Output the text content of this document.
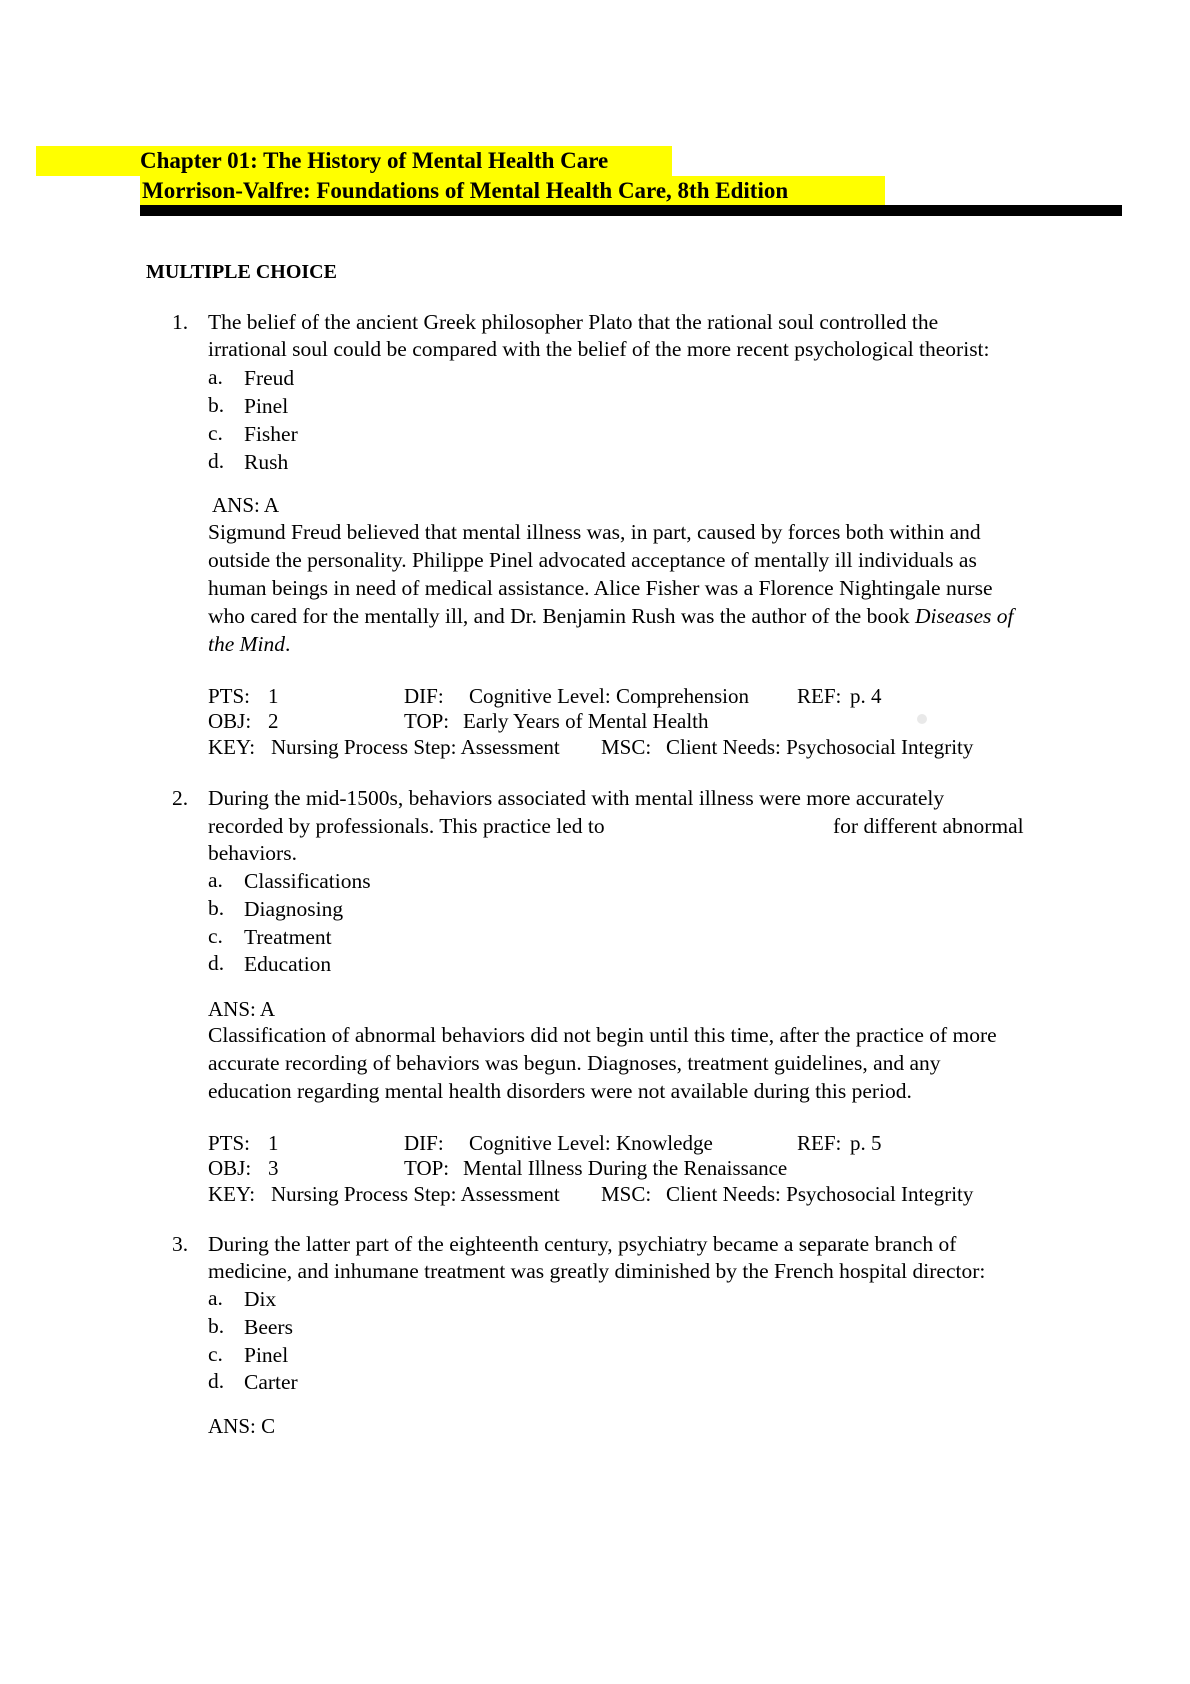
Chapter 01: The History of Mental Health Care
Morrison-Valfre: Foundations of Mental Health Care, 8th Edition
MULTIPLE CHOICE
1. The belief of the ancient Greek philosopher Plato that the rational soul controlled the
irrational soul could be compared with the belief of the more recent psychological theorist:
a. Freud
b. Pinel
c. Fisher
d. Rush
ANS: A
Sigmund Freud believed that mental illness was, in part, caused by forces both within and
outside the personality. Philippe Pinel advocated acceptance of mentally ill individuals as
human beings in need of medical assistance. Alice Fisher was a Florence Nightingale nurse
who cared for the mentally ill, and Dr. Benjamin Rush was the author of the book Diseases of
the Mind.
PTS: 1	DIF: Cognitive Level: Comprehension REF: p. 4
OBJ: 2	TOP: Early Years of Mental Health
KEY: Nursing Process Step: Assessment MSC: Client Needs: Psychosocial Integrity
2. During the mid-1500s, behaviors associated with mental illness were more accurately
recorded by professionals. This practice led to	for different abnormal
behaviors.
a. Classifications
b. Diagnosing
c. Treatment
d. Education
ANS: A
Classification of abnormal behaviors did not begin until this time, after the practice of more
accurate recording of behaviors was begun. Diagnoses, treatment guidelines, and any
education regarding mental health disorders were not available during this period.
PTS: 1	DIF: Cognitive Level: Knowledge	REF: p. 5
OBJ: 3	TOP: Mental Illness During the Renaissance
KEY: Nursing Process Step: Assessment MSC: Client Needs: Psychosocial Integrity
3. During the latter part of the eighteenth century, psychiatry became a separate branch of
medicine, and inhumane treatment was greatly diminished by the French hospital director:
a. Dix
b. Beers
c. Pinel
d. Carter
ANS: C
